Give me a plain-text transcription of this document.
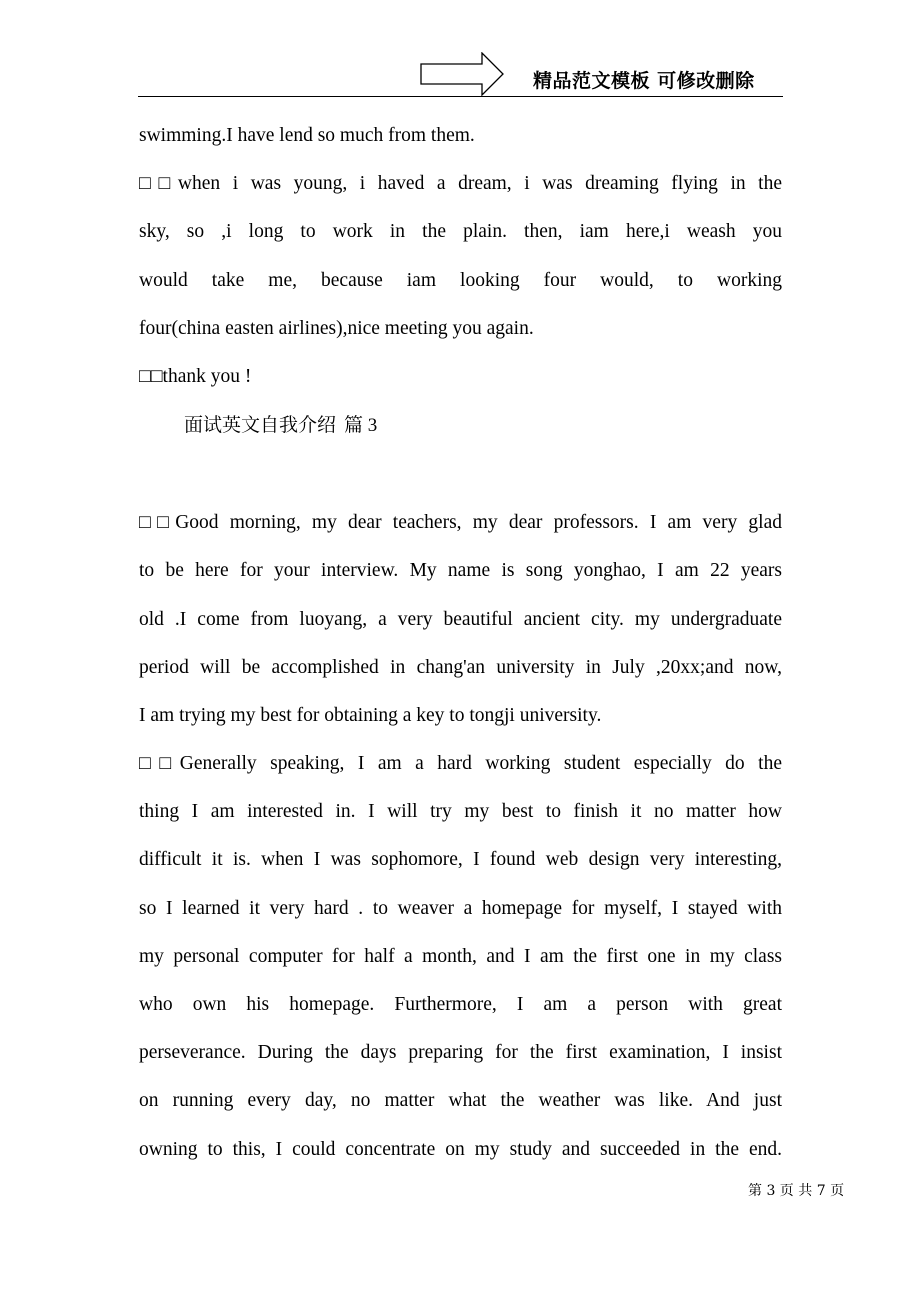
精品范文模板 可修改删除
swimming.I have lend so much from them.
□□when i was young, i haved a dream, i was dreaming flying in the
sky, so ,i long to work in the plain. then, iam here,i weash you
would take me, because iam looking four would, to working
four(china easten airlines),nice meeting you again.
□□thank you !
面试英文自我介绍 篇 3
□□Good morning, my dear teachers, my dear professors. I am very glad
to be here for your interview. My name is song yonghao, I am 22 years
old .I come from luoyang, a very beautiful ancient city. my undergraduate
period will be accomplished in chang'an university in July ,20xx;and now,
I am trying my best for obtaining a key to tongji university.
□□Generally speaking, I am a hard working student especially do the
thing I am interested in. I will try my best to finish it no matter how
difficult it is. when I was sophomore, I found web design very interesting,
so I learned it very hard . to weaver a homepage for myself, I stayed with
my personal computer for half a month, and I am the first one in my class
who own his homepage. Furthermore, I am a person with great
perseverance. During the days preparing for the first examination, I insist
on running every day, no matter what the weather was like. And just
owning to this, I could concentrate on my study and succeeded in the end.
第 3 页 共 7 页
